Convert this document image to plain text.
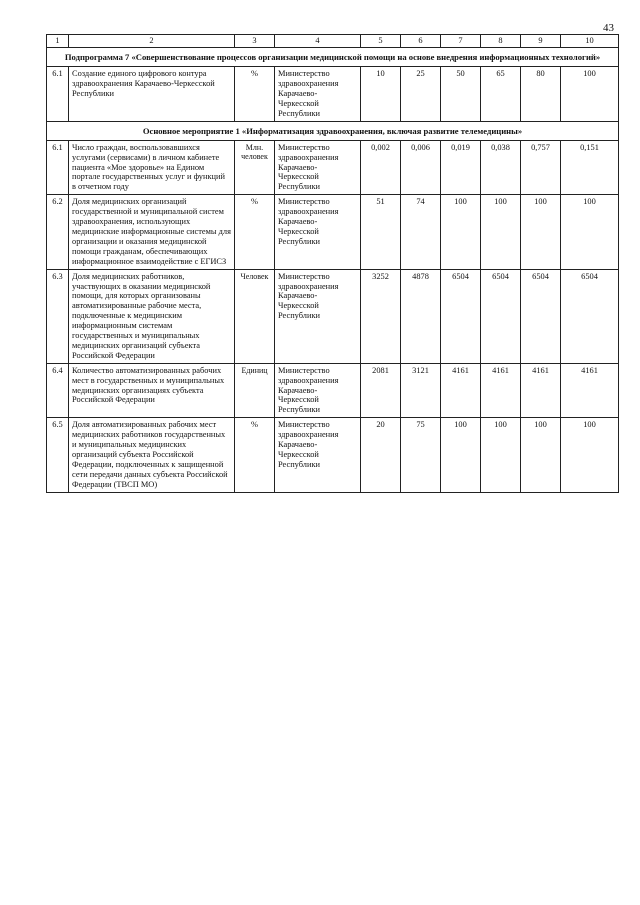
43
1	2	3	4	5	6	7	8	9	10
Подпрограмма 7 «Совершенствование процессов организации медицинской помощи на основе внедрения информационных технологий»									
6.1	Создание единого цифрового контура здравоохранения Карачаево-Черкесской Республики	%	Министерство здравоохранения Карачаево-Черкесской Республики	10	25	50	65	80	100
Основное мероприятие 1 «Информатизация здравоохранения, включая развитие телемедицины»									
6.1	Число граждан, воспользовавшихся услугами (сервисами) в личном кабинете пациента «Мое здоровье» на Едином портале государственных услуг и функций в отчетном году	Млн. человек	Министерство здравоохранения Карачаево-Черкесской Республики	0,002	0,006	0,019	0,038	0,757	0,151
6.2	Доля медицинских организаций государственной и муниципальной систем здравоохранения, использующих медицинские информационные системы для организации и оказания медицинской помощи гражданам, обеспечивающих информационное взаимодействие с ЕГИСЗ	%	Министерство здравоохранения Карачаево-Черкесской Республики	51	74	100	100	100	100
6.3	Доля медицинских работников, участвующих в оказании медицинской помощи, для которых организованы автоматизированные рабочие места, подключенные к медицинским информационным системам государственных и муниципальных медицинских организаций субъекта Российской Федерации	Человек	Министерство здравоохранения Карачаево-Черкесской Республики	3252	4878	6504	6504	6504	6504
6.4	Количество автоматизированных рабочих мест в государственных и муниципальных медицинских организациях субъекта Российской Федерации	Единиц	Министерство здравоохранения Карачаево-Черкесской Республики	2081	3121	4161	4161	4161	4161
6.5	Доля автоматизированных рабочих мест медицинских работников государственных и муниципальных медицинских организаций субъекта Российской Федерации, подключенных к защищенной сети передачи данных субъекта Российской Федерации (ТВСП МО)	%	Министерство здравоохранения Карачаево-Черкесской Республики	20	75	100	100	100	100
